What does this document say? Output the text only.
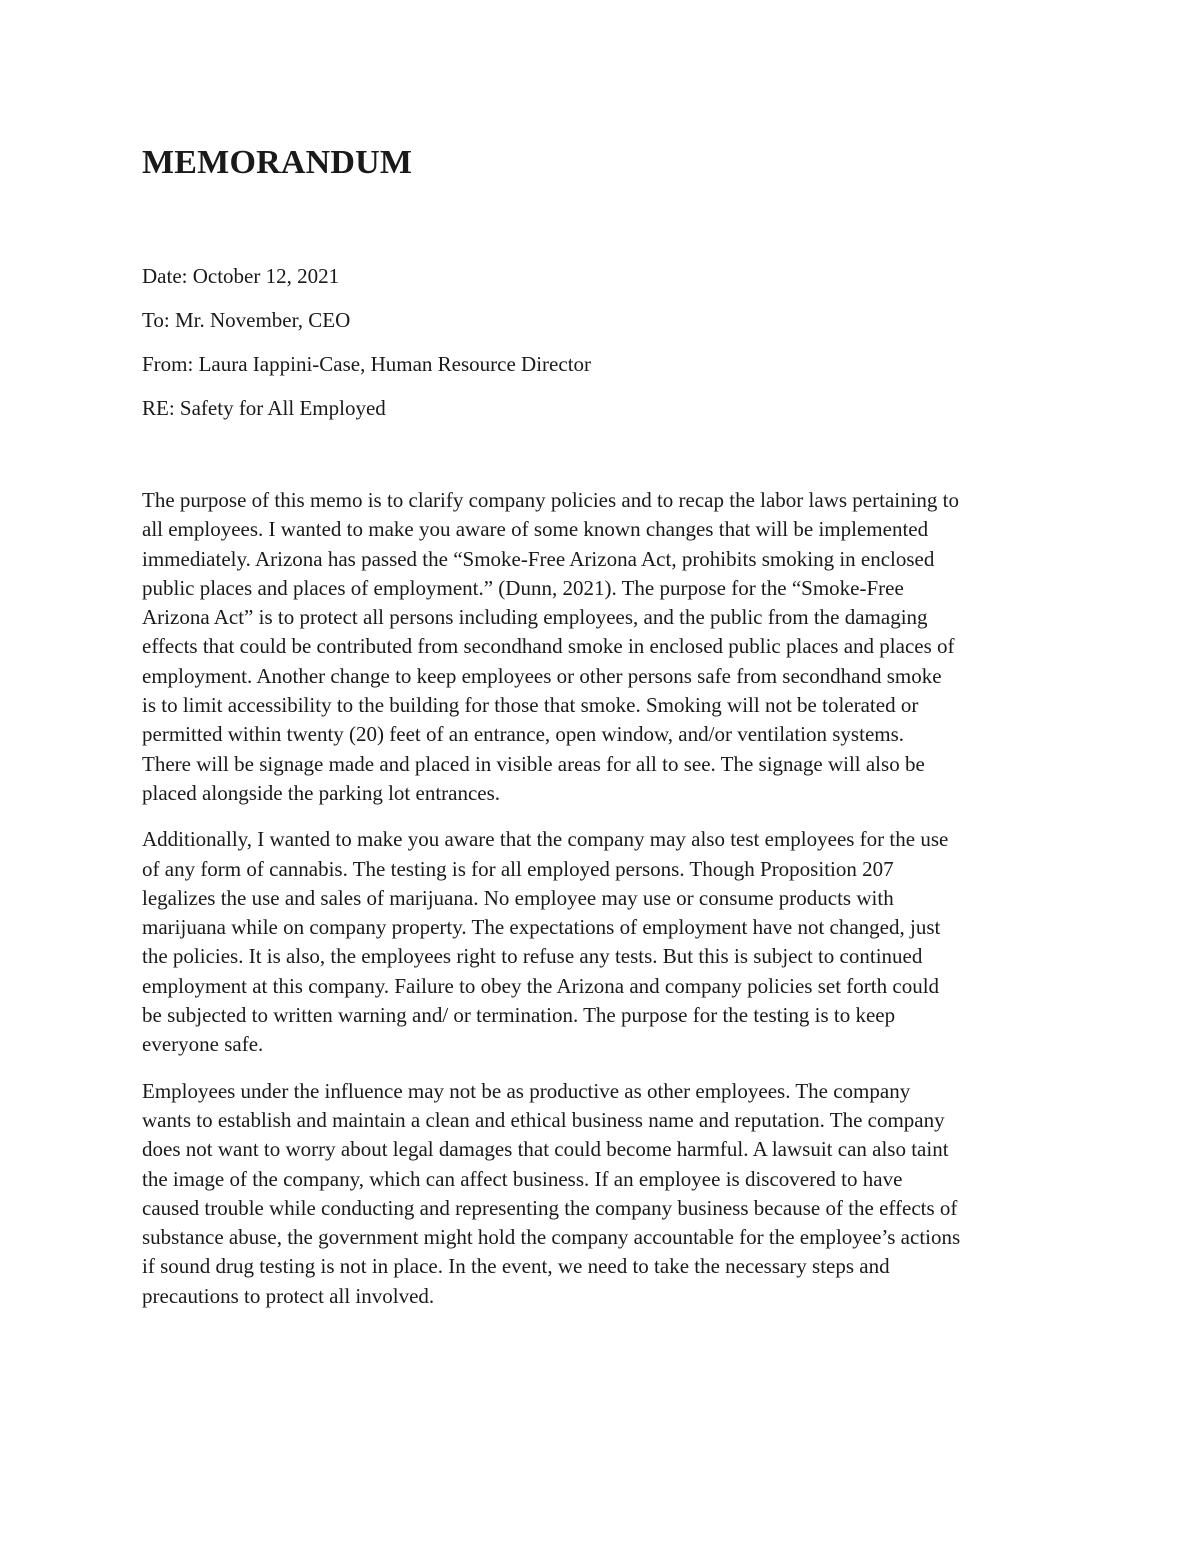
MEMORANDUM
Date: October 12, 2021
To: Mr. November, CEO
From: Laura Iappini-Case, Human Resource Director
RE: Safety for All Employed

The purpose of this memo is to clarify company policies and to recap the labor laws pertaining to
all employees. I wanted to make you aware of some known changes that will be implemented
immediately. Arizona has passed the “Smoke-Free Arizona Act, prohibits smoking in enclosed
public places and places of employment.” (Dunn, 2021). The purpose for the “Smoke-Free
Arizona Act” is to protect all persons including employees, and the public from the damaging
effects that could be contributed from secondhand smoke in enclosed public places and places of
employment. Another change to keep employees or other persons safe from secondhand smoke
is to limit accessibility to the building for those that smoke. Smoking will not be tolerated or
permitted within twenty (20) feet of an entrance, open window, and/or ventilation systems.
There will be signage made and placed in visible areas for all to see. The signage will also be
placed alongside the parking lot entrances.

Additionally, I wanted to make you aware that the company may also test employees for the use
of any form of cannabis. The testing is for all employed persons. Though Proposition 207
legalizes the use and sales of marijuana. No employee may use or consume products with
marijuana while on company property. The expectations of employment have not changed, just
the policies. It is also, the employees right to refuse any tests. But this is subject to continued
employment at this company. Failure to obey the Arizona and company policies set forth could
be subjected to written warning and/ or termination. The purpose for the testing is to keep
everyone safe.

Employees under the influence may not be as productive as other employees. The company
wants to establish and maintain a clean and ethical business name and reputation. The company
does not want to worry about legal damages that could become harmful. A lawsuit can also taint
the image of the company, which can affect business. If an employee is discovered to have
caused trouble while conducting and representing the company business because of the effects of
substance abuse, the government might hold the company accountable for the employee’s actions
if sound drug testing is not in place. In the event, we need to take the necessary steps and
precautions to protect all involved.
